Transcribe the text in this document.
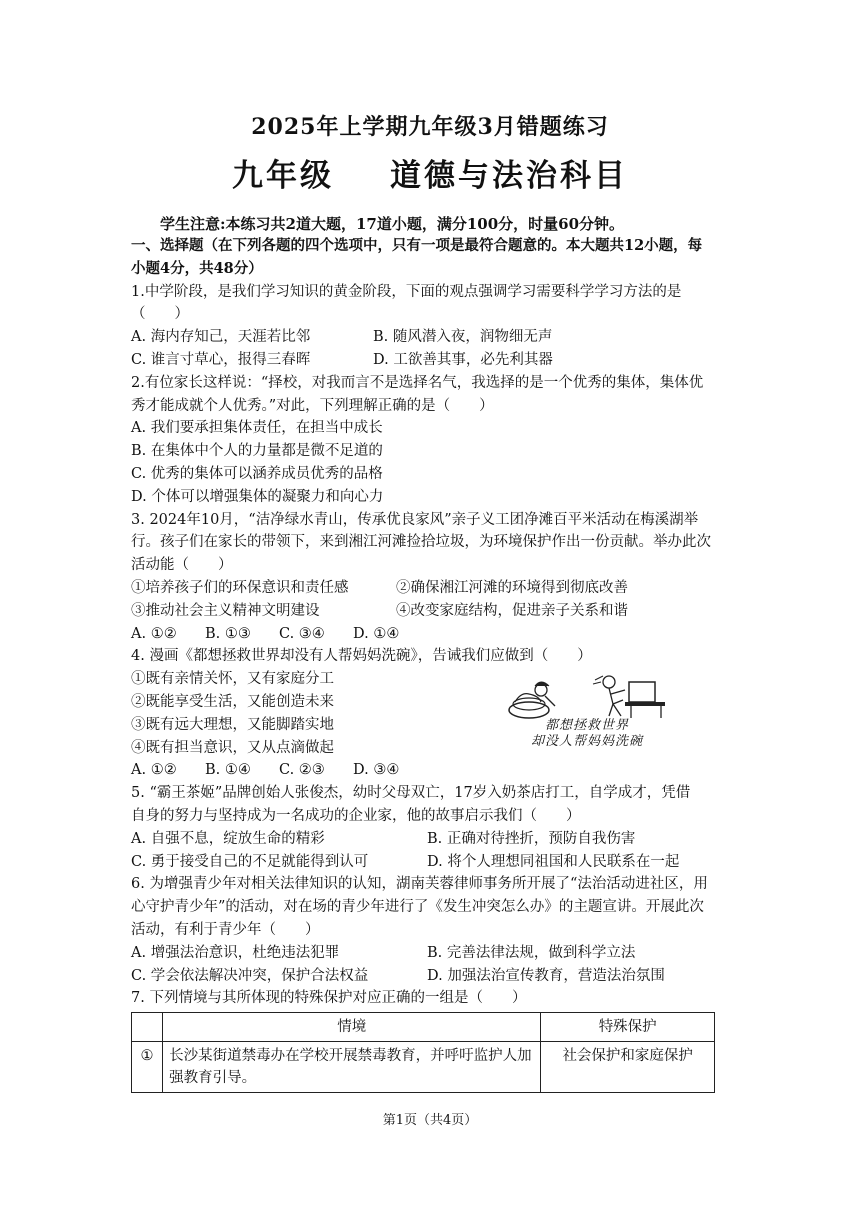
2025年上学期九年级3月错题练习
九年级 道德与法治科目
学生注意:本练习共2道大题，17道小题，满分100分，时量60分钟。

一、选择题（在下列各题的四个选项中，只有一项是最符合题意的。本大题共12小题，每

小题4分，共48分）

1.中学阶段，是我们学习知识的黄金阶段，下面的观点强调学习需要科学学习方法的是

（　　）

A. 海内存知己，天涯若比邻	B. 随风潜入夜，润物细无声
C. 谁言寸草心，报得三春晖	D. 工欲善其事，必先利其器

2.有位家长这样说：“择校，对我而言不是选择名气，我选择的是一个优秀的集体，集体优

秀才能成就个人优秀。”对此，下列理解正确的是（　　）

A. 我们要承担集体责任，在担当中成长

B. 在集体中个人的力量都是微不足道的

C. 优秀的集体可以涵养成员优秀的品格

D. 个体可以增强集体的凝聚力和向心力

3. 2024年10月，“洁净绿水青山，传承优良家风”亲子义工团净滩百平米活动在梅溪湖举

行。孩子们在家长的带领下，来到湘江河滩捡拾垃圾，为环境保护作出一份贡献。举办此次

活动能（　　）

①培养孩子们的环保意识和责任感	②确保湘江河滩的环境得到彻底改善
③推动社会主义精神文明建设	④改变家庭结构，促进亲子关系和谐

A. ①② B. ①③ C. ③④ D. ①④

4. 漫画《都想拯救世界却没有人帮妈妈洗碗》，告诫我们应做到（　　）

①既有亲情关怀，又有家庭分工

②既能享受生活，又能创造未来

③既有远大理想，又能脚踏实地

④既有担当意识，又从点滴做起

A. ①② B. ①④ C. ②③ D. ③④

都想拯救世界
却没人帮妈妈洗碗

5. “霸王茶姬”品牌创始人张俊杰，幼时父母双亡，17岁入奶茶店打工，自学成才，凭借

自身的努力与坚持成为一名成功的企业家，他的故事启示我们（　　）

A. 自强不息，绽放生命的精彩	B. 正确对待挫折，预防自我伤害
C. 勇于接受自己的不足就能得到认可	D. 将个人理想同祖国和人民联系在一起

6. 为增强青少年对相关法律知识的认知，湖南芙蓉律师事务所开展了“法治活动进社区，用

心守护青少年”的活动，对在场的青少年进行了《发生冲突怎么办》的主题宣讲。开展此次

活动，有利于青少年（　　）

A. 增强法治意识，杜绝违法犯罪	B. 完善法律法规，做到科学立法
C. 学会依法解决冲突，保护合法权益	D. 加强法治宣传教育，营造法治氛围

7. 下列情境与其所体现的特殊保护对应正确的一组是（　　）

	情境	特殊保护
①	长沙某街道禁毒办在学校开展禁毒教育，并呼吁监护人加强教育引导。	社会保护和家庭保护
第1页（共4页）
